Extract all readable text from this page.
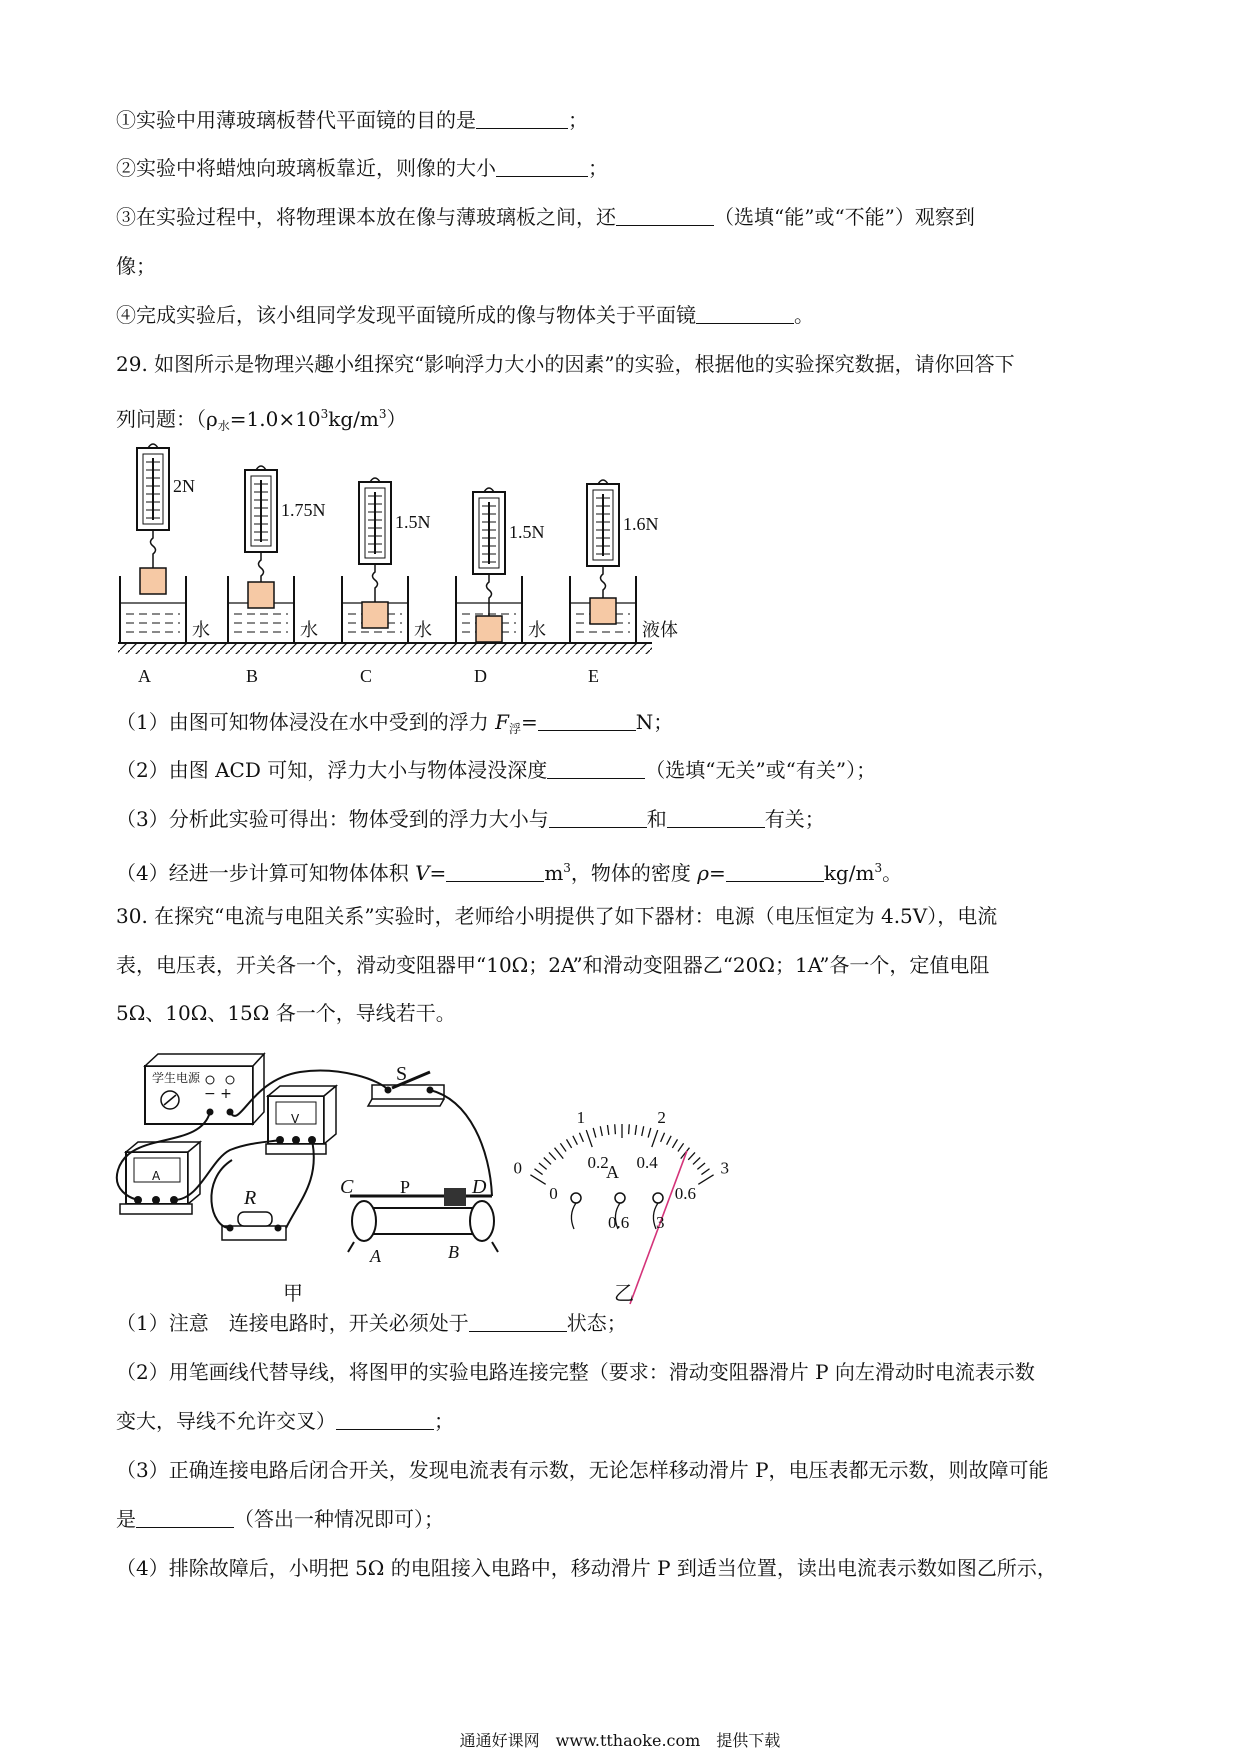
①实验中用薄玻璃板替代平面镜的目的是	；
②实验中将蜡烛向玻璃板靠近，则像的大小	；
③在实验过程中，将物理课本放在像与薄玻璃板之间，还	（选填“能”或“不能”）观察到
像；
④完成实验后，该小组同学发现平面镜所成的像与物体关于平面镜	。
29. 如图所示是物理兴趣小组探究“影响浮力大小的因素”的实验，根据他的实验探究数据，请你回答下
列问题：$(\rho_水=1.0\times 10^3kg/m^3)$
2N
水
A
1.75N
水
B
1.5N
水
C
1.5N
水
D
1.6N
液体
E
（1）由图可知物体浸没在水中受到的浮力 $F_浮=$	N；
（2）由图 ACD 可知，浮力大小与物体浸没深度	（选填“无关”或“有关”）；
（3）分析此实验可得出：物体受到的浮力大小与	和	有关；
（4）经进一步计算可知物体体积 V=	$m^3$，物体的密度 ρ=	$kg/m^3$。
30. 在探究“电流与电阻关系”实验时，老师给小明提供了如下器材：电源（电压恒定为 4.5V），电流
表，电压表，开关各一个，滑动变阻器甲“10Ω；2A”和滑动变阻器乙“20Ω；1A”各一个，定值电阻
5Ω、10Ω、15Ω 各一个，导线若干。
学生电源
− +
S
V
A
R	C	P	D
A	B
A
0
1	2
3
0
0.2 0.4
0.6
0.6 3
甲	乙
（1）注意　连接电路时，开关必须处于	状态；
（2）用笔画线代替导线，将图甲的实验电路连接完整（要求：滑动变阻器滑片 P 向左滑动时电流表示数
变大，导线不允许交叉）	；
（3）正确连接电路后闭合开关，发现电流表有示数，无论怎样移动滑片 P，电压表都无示数，则故障可能
是	（答出一种情况即可）；
（4）排除故障后，小明把 5Ω 的电阻接入电路中，移动滑片 P 到适当位置，读出电流表示数如图乙所示，
通通好课网　www.tthaoke.com　提供下载
